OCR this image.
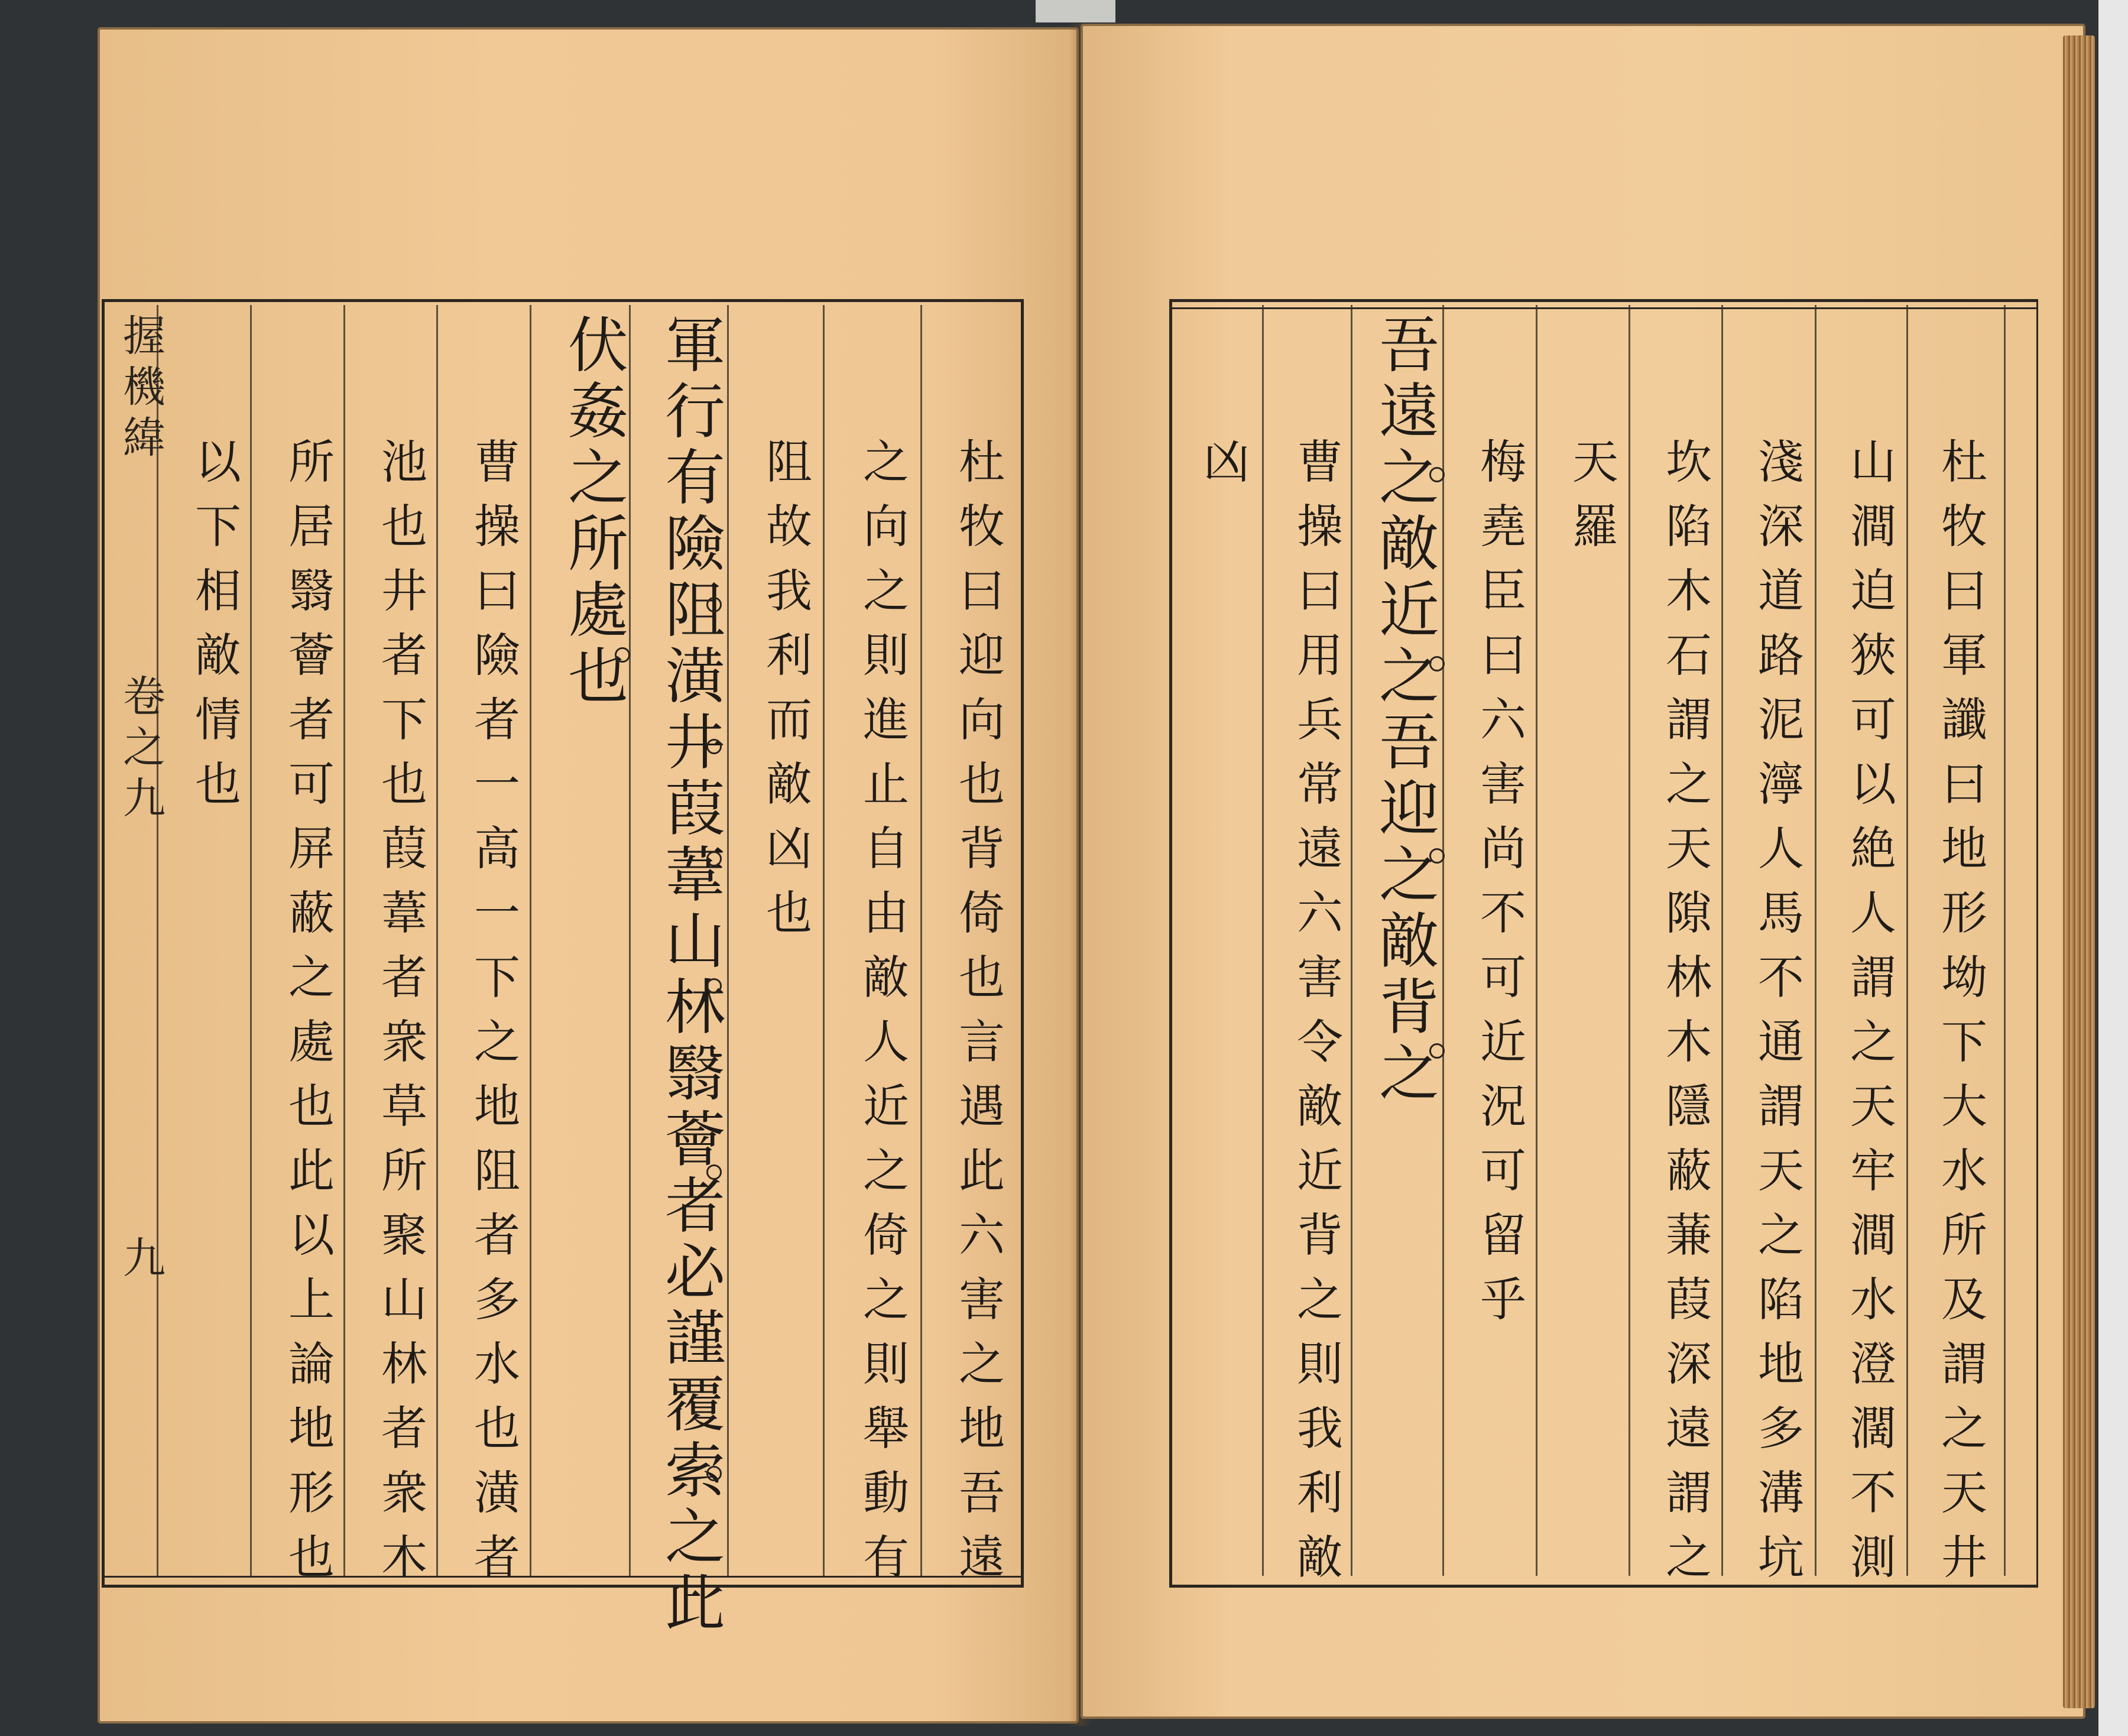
握機緯
卷之九
九	杜牧曰迎向也背倚也言遇此六害之地吾遠
之向之則進止自由敵人近之倚之則舉動有
阻故我利而敵凶也
軍行有險阻潢井葭葦山林翳薈者必謹覆索之此
伏姦之所處也
曹操曰險者一高一下之地阻者多水也潢者
池也井者下也葭葦者衆草所聚山林者衆木
所居翳薈者可屏蔽之處也此以上論地形也
以下相敵情也	杜牧曰軍讖曰地形坳下大水所及謂之天井
山澗迫狹可以絶人謂之天牢澗水澄濶不測
淺深道路泥濘人馬不通謂天之陷地多溝坑
坎陷木石謂之天隙林木隱蔽蒹葭深遠謂之
天羅
梅堯臣曰六害尚不可近況可留乎
吾遠之敵近之吾迎之敵背之
曹操曰用兵常遠六害令敵近背之則我利敵
凶
